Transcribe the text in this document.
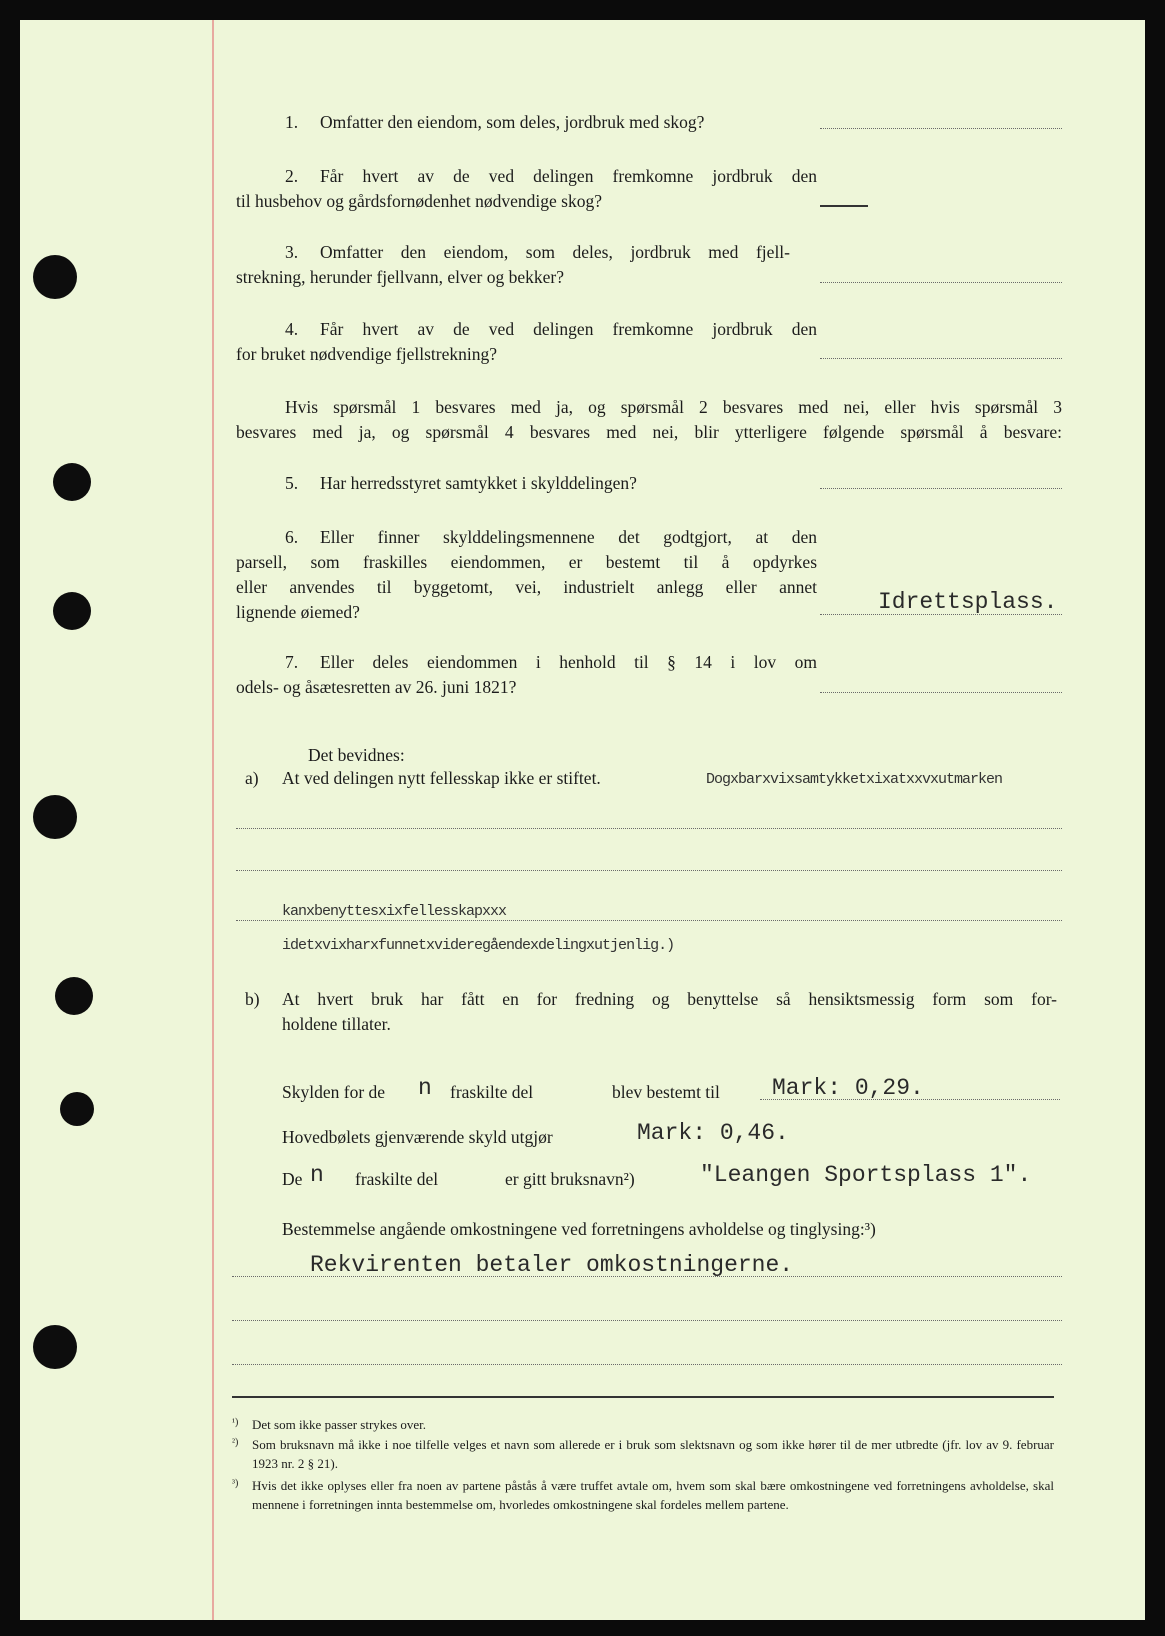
1. Omfatter den eiendom, som deles, jordbruk med skog?
2. Får hvert av de ved delingen fremkomne jordbruk den
til husbehov og gårdsfornødenhet nødvendige skog?
3. Omfatter den eiendom, som deles, jordbruk med fjell-
strekning, herunder fjellvann, elver og bekker?
4. Får hvert av de ved delingen fremkomne jordbruk den
for bruket nødvendige fjellstrekning?
Hvis spørsmål 1 besvares med ja, og spørsmål 2 besvares med nei, eller hvis spørsmål 3
besvares med ja, og spørsmål 4 besvares med nei, blir ytterligere følgende spørsmål å besvare:
5. Har herredsstyret samtykket i skylddelingen?
6. Eller finner skylddelingsmennene det godtgjort, at den
parsell, som fraskilles eiendommen, er bestemt til å opdyrkes
eller anvendes til byggetomt, vei, industrielt anlegg eller annet
lignende øiemed?	Idrettsplass.
7. Eller deles eiendommen i henhold til § 14 i lov om
odels- og åsætesretten av 26. juni 1821?
Det bevidnes:
a) At ved delingen nytt fellesskap ikke er stiftet.	Dogxbarxvixsamtykketxixatxxvxutmarken
kanxbenyttesxixfellesskapxxx
idetxvixharxfunnetxvideregåendexdelingxutjenlig.)
b) At hvert bruk har fått en for fredning og benyttelse så hensiktsmessig form som for-
holdene tillater.
Skylden for de n fraskilte del	blev bestemt til Mark: 0,29.
Hovedbølets gjenværende skyld utgjør	Mark: 0,46.
De n fraskilte del	er gitt bruksnavn²)	"Leangen Sportsplass 1".
Bestemmelse angående omkostningene ved forretningens avholdelse og tinglysing:³)
Rekvirenten betaler omkostningerne.
¹) Det som ikke passer strykes over.
²) Som bruksnavn må ikke i noe tilfelle velges et navn som allerede er i bruk som slektsnavn og som ikke hører til de mer utbredte (jfr. lov av 9. februar 1923 nr. 2 § 21).
³) Hvis det ikke oplyses eller fra noen av partene påstås å være truffet avtale om, hvem som skal bære omkostningene ved forretningens avholdelse, skal mennene i forretningen innta bestemmelse om, hvorledes omkostningene skal fordeles mellem partene.
